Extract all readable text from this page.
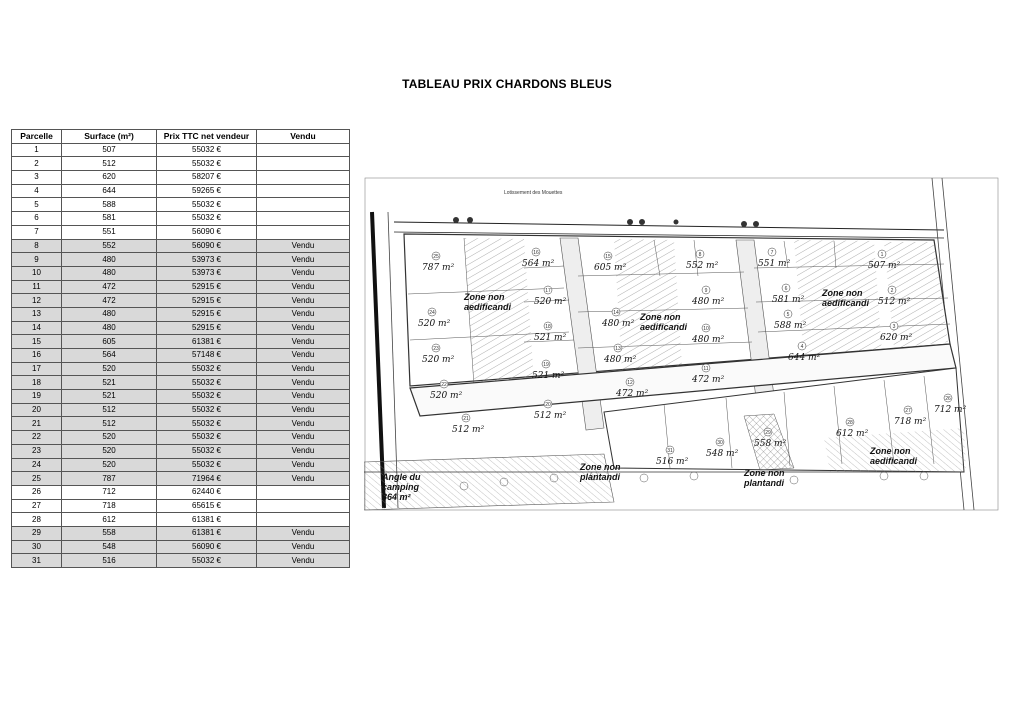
TABLEAU PRIX CHARDONS BLEUS
Parcelle	Surface (m²)	Prix TTC net vendeur	Vendu
1	507	55032 €	
2	512	55032 €	
3	620	58207 €	
4	644	59265 €	
5	588	55032 €	
6	581	55032 €	
7	551	56090 €	
8	552	56090 €	Vendu
9	480	53973 €	Vendu
10	480	53973 €	Vendu
11	472	52915 €	Vendu
12	472	52915 €	Vendu
13	480	52915 €	Vendu
14	480	52915 €	Vendu
15	605	61381 €	Vendu
16	564	57148 €	Vendu
17	520	55032 €	Vendu
18	521	55032 €	Vendu
19	521	55032 €	Vendu
20	512	55032 €	Vendu
21	512	55032 €	Vendu
22	520	55032 €	Vendu
23	520	55032 €	Vendu
24	520	55032 €	Vendu
25	787	71964 €	Vendu
26	712	62440 €	
27	718	65615 €	
28	612	61381 €	
29	558	61381 €	Vendu
30	548	56090 €	Vendu
31	516	55032 €	Vendu
Lotissement des Mouettes
25
787 m²
16
564 m²
15
605 m²
8
552 m²
7
551 m²
1
507 m²
17
520 m²
9
480 m²
6
581 m²
2
512 m²
24
520 m²
14
480 m²
18
521 m²
10
480 m²
5
588 m²	3
620 m²
23
520 m²
13
480 m²
4
644 m²
19
521 m²
11
472 m²
22
520 m²
12
472 m²
20
512 m²
21
512 m²
26
712 m²
27
718 m²
28
612 m²
29
558 m²
30
548 m²
31
516 m²
Zone non
aedificandi
Zone non
aedificandi
Zone non
aedificandi
Zone non
aedificandi
Zone non
plantandi	Zone non
plantandi
Angle du
camping
364 m²
